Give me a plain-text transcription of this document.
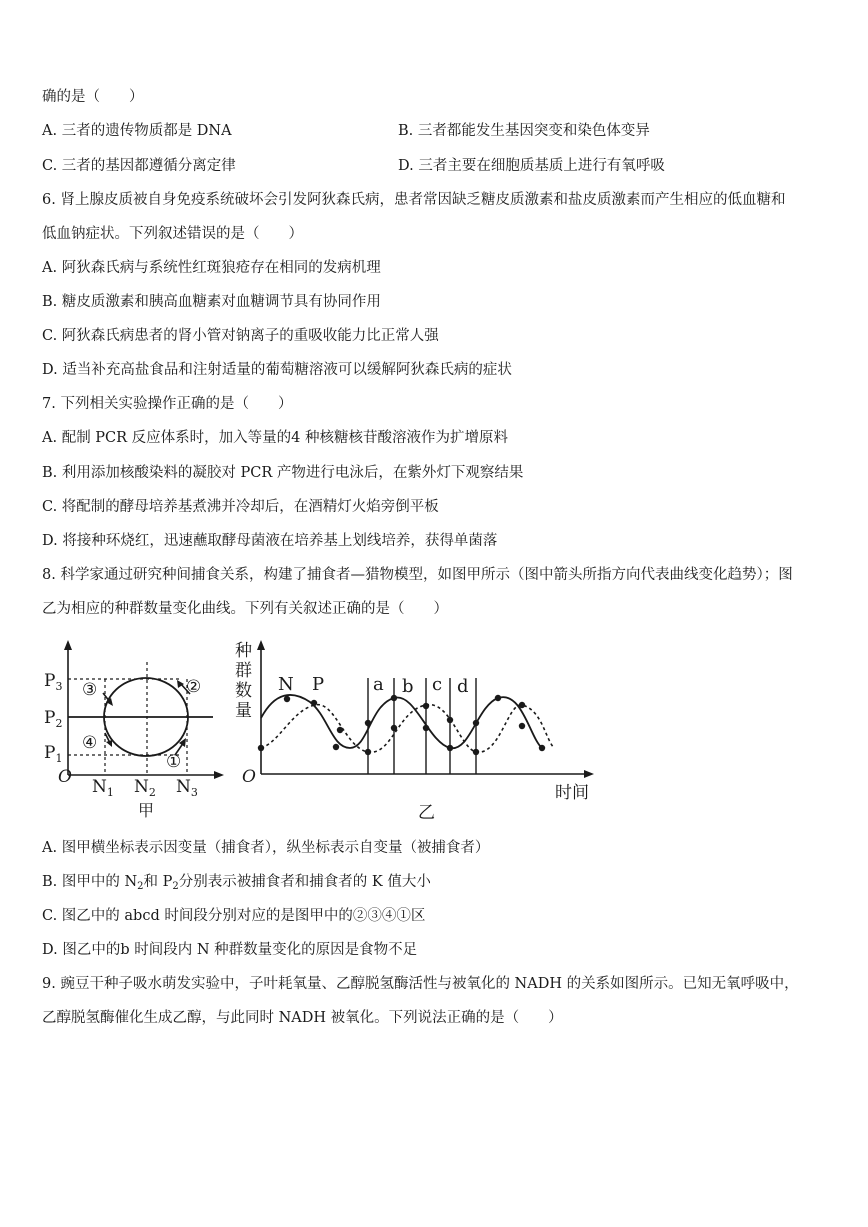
确的是（　　）
A. 三者的遗传物质都是 DNA	B. 三者都能发生基因突变和染色体变异
C. 三者的基因都遵循分离定律	D. 三者主要在细胞质基质上进行有氧呼吸
6. 肾上腺皮质被自身免疫系统破坏会引发阿狄森氏病，患者常因缺乏糖皮质激素和盐皮质激素而产生相应的低血糖和
低血钠症状。下列叙述错误的是（　　）
A. 阿狄森氏病与系统性红斑狼疮存在相同的发病机理
B. 糖皮质激素和胰高血糖素对血糖调节具有协同作用
C. 阿狄森氏病患者的肾小管对钠离子的重吸收能力比正常人强
D. 适当补充高盐食品和注射适量的葡萄糖溶液可以缓解阿狄森氏病的症状
7. 下列相关实验操作正确的是（　　）
A. 配制 PCR 反应体系时，加入等量的4 种核糖核苷酸溶液作为扩增原料
B. 利用添加核酸染料的凝胶对 PCR 产物进行电泳后，在紫外灯下观察结果
C. 将配制的酵母培养基煮沸并冷却后，在酒精灯火焰旁倒平板
D. 将接种环烧红，迅速蘸取酵母菌液在培养基上划线培养，获得单菌落
8. 科学家通过研究种间捕食关系，构建了捕食者—猎物模型，如图甲所示（图中箭头所指方向代表曲线变化趋势）；图
乙为相应的种群数量变化曲线。下列有关叙述正确的是（　　）
O
$P_3$
$P_2$
$P_1$
$N_1$ $N_2$ $N_3$
甲
①
②
③
④
O
种
群
数
量
时间
N P	a b c d
乙
A. 图甲横坐标表示因变量（捕食者），纵坐标表示自变量（被捕食者）
B. 图甲中的 $N_2$和 $P_2$分别表示被捕食者和捕食者的 K 值大小
C. 图乙中的 abcd 时间段分别对应的是图甲中的②③④①区
D. 图乙中的b 时间段内 N 种群数量变化的原因是食物不足
9. 豌豆干种子吸水萌发实验中，子叶耗氧量、乙醇脱氢酶活性与被氧化的 NADH 的关系如图所示。已知无氧呼吸中，
乙醇脱氢酶催化生成乙醇，与此同时 NADH 被氧化。下列说法正确的是（　　）
